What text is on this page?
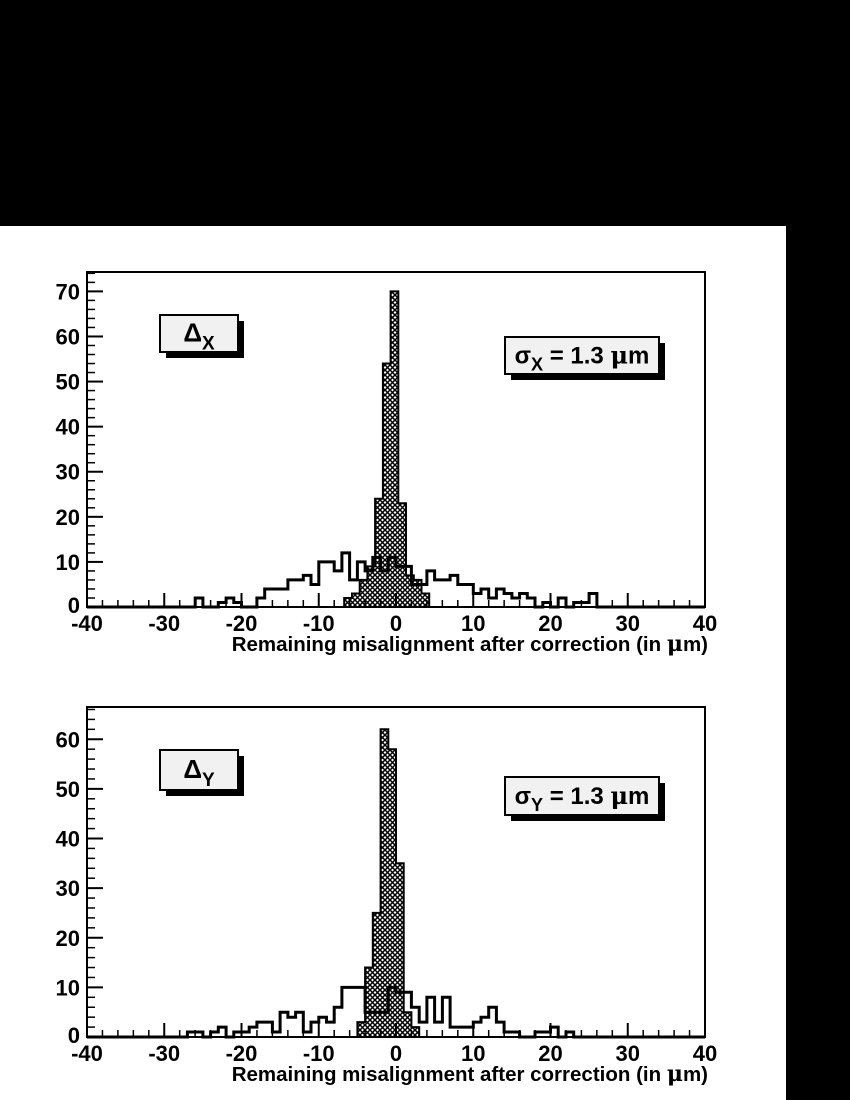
-40 -30 -20 -10	0	10 20 30 40
0
10
20
30
40
50
60
70
Remaining misalignment after correction (in μm)
$\Delta_X$	$\sigma_X = 1.3$ μm
-40 -30 -20 -10	0	10 20 30 40
0
10
20
30
40
50
60
Remaining misalignment after correction (in μm)
$\Delta_Y$
$\sigma_Y = 1.3$ μm
